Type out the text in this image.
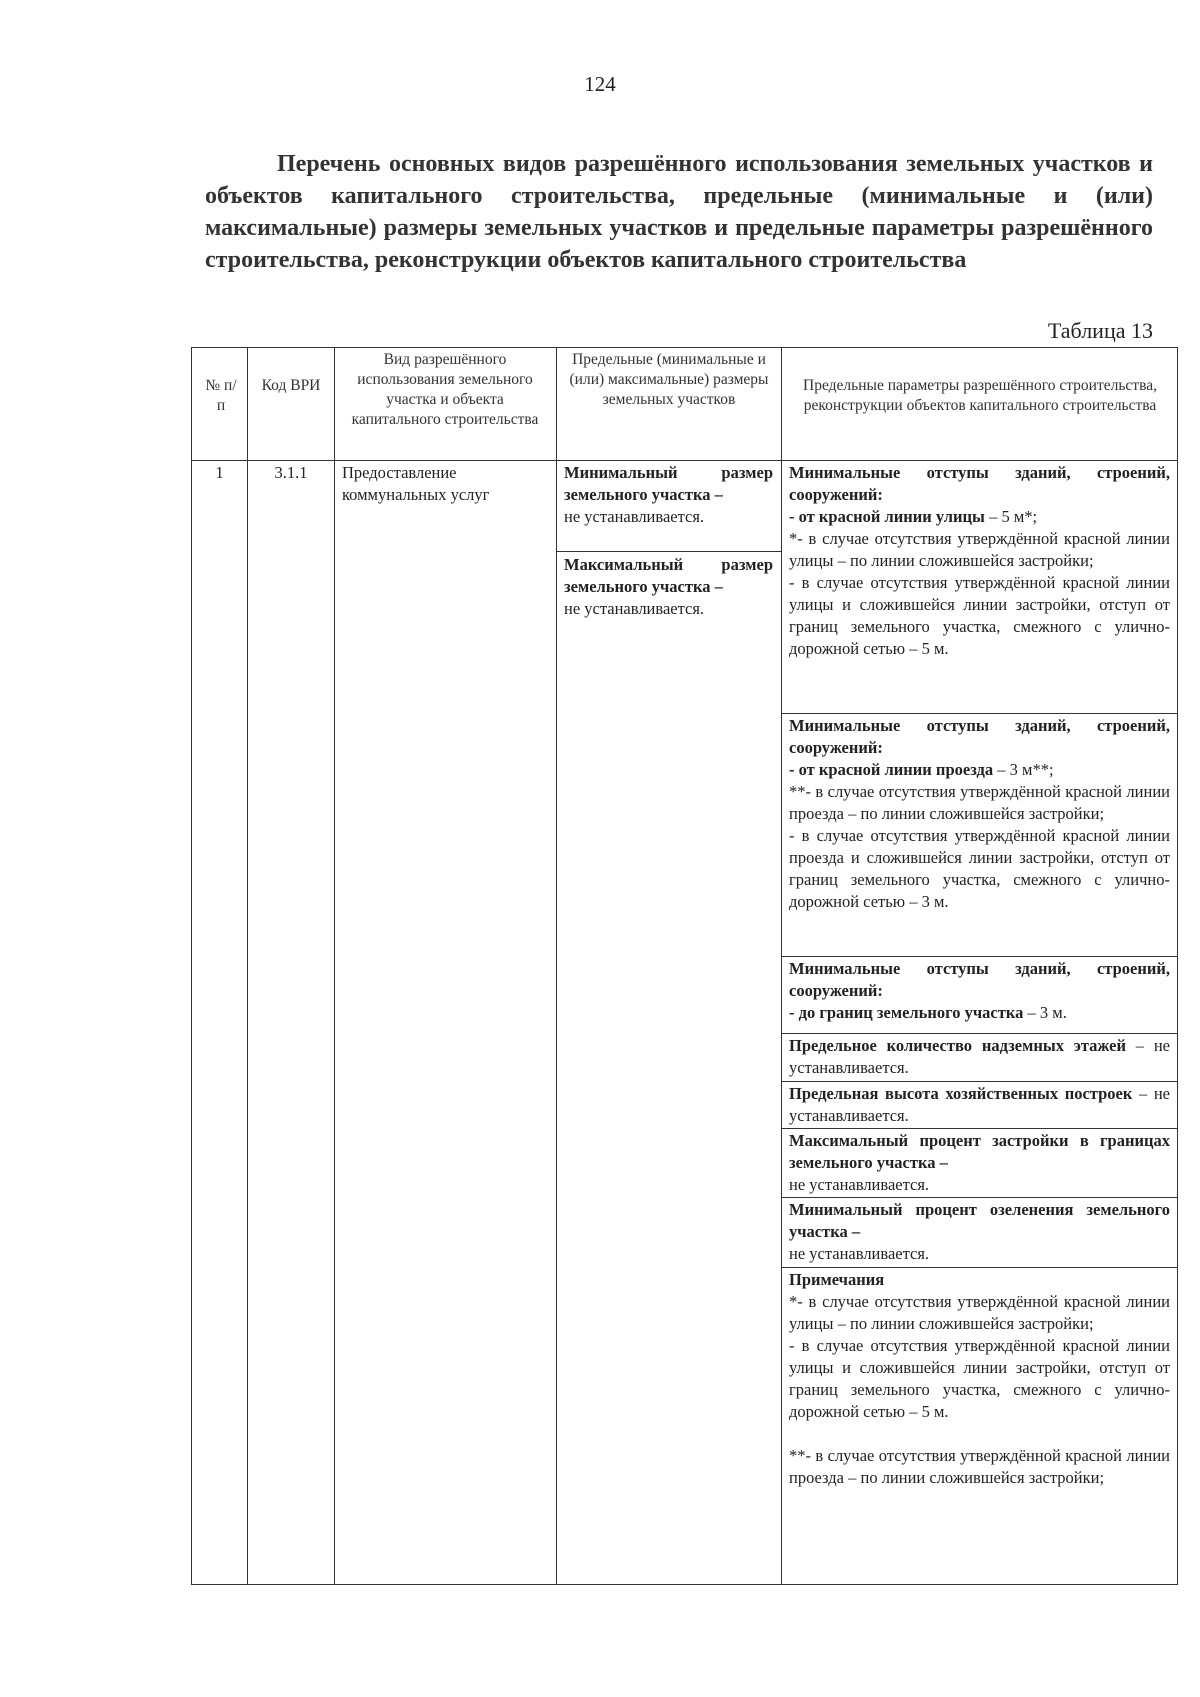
124
Перечень основных видов разрешённого использования земельных участков и объектов капитального строительства, предельные (минимальные и (или) максимальные) размеры земельных участков и предельные параметры разрешённого строительства, реконструкции объектов капитального строительства
Таблица 13
№ п/п
Код ВРИ
Вид разрешённого использования земельного участка и объекта капитального строительства
Предельные (минимальные и (или) максимальные) размеры земельных участков
Предельные параметры разрешённого строительства, реконструкции объектов капитального строительства
1	3.1.1	Предоставление коммунальных услуг
Минимальный размер земельного участка –
не устанавливается.
Максимальный размер земельного участка –
не устанавливается.
Минимальные отступы зданий, строений, сооружений:
- от красной линии улицы – 5 м*;
*- в случае отсутствия утверждённой красной линии улицы – по линии сложившейся застройки;
- в случае отсутствия утверждённой красной линии улицы и сложившейся линии застройки, отступ от границ земельного участка, смежного с улично-дорожной сетью – 5 м.
Минимальные отступы зданий, строений, сооружений:
- от красной линии проезда – 3 м**;
**- в случае отсутствия утверждённой красной линии проезда – по линии сложившейся застройки;
- в случае отсутствия утверждённой красной линии проезда и сложившейся линии застройки, отступ от границ земельного участка, смежного с улично-дорожной сетью – 3 м.
Минимальные отступы зданий, строений, сооружений:
- до границ земельного участка – 3 м.
Предельное количество надземных этажей – не устанавливается.
Предельная высота хозяйственных построек – не устанавливается.
Максимальный процент застройки в границах земельного участка –
не устанавливается.
Минимальный процент озеленения земельного участка –
не устанавливается.
Примечания
*- в случае отсутствия утверждённой красной линии улицы – по линии сложившейся застройки;
- в случае отсутствия утверждённой красной линии улицы и сложившейся линии застройки, отступ от границ земельного участка, смежного с улично-дорожной сетью – 5 м.
**- в случае отсутствия утверждённой красной линии проезда – по линии сложившейся застройки;
